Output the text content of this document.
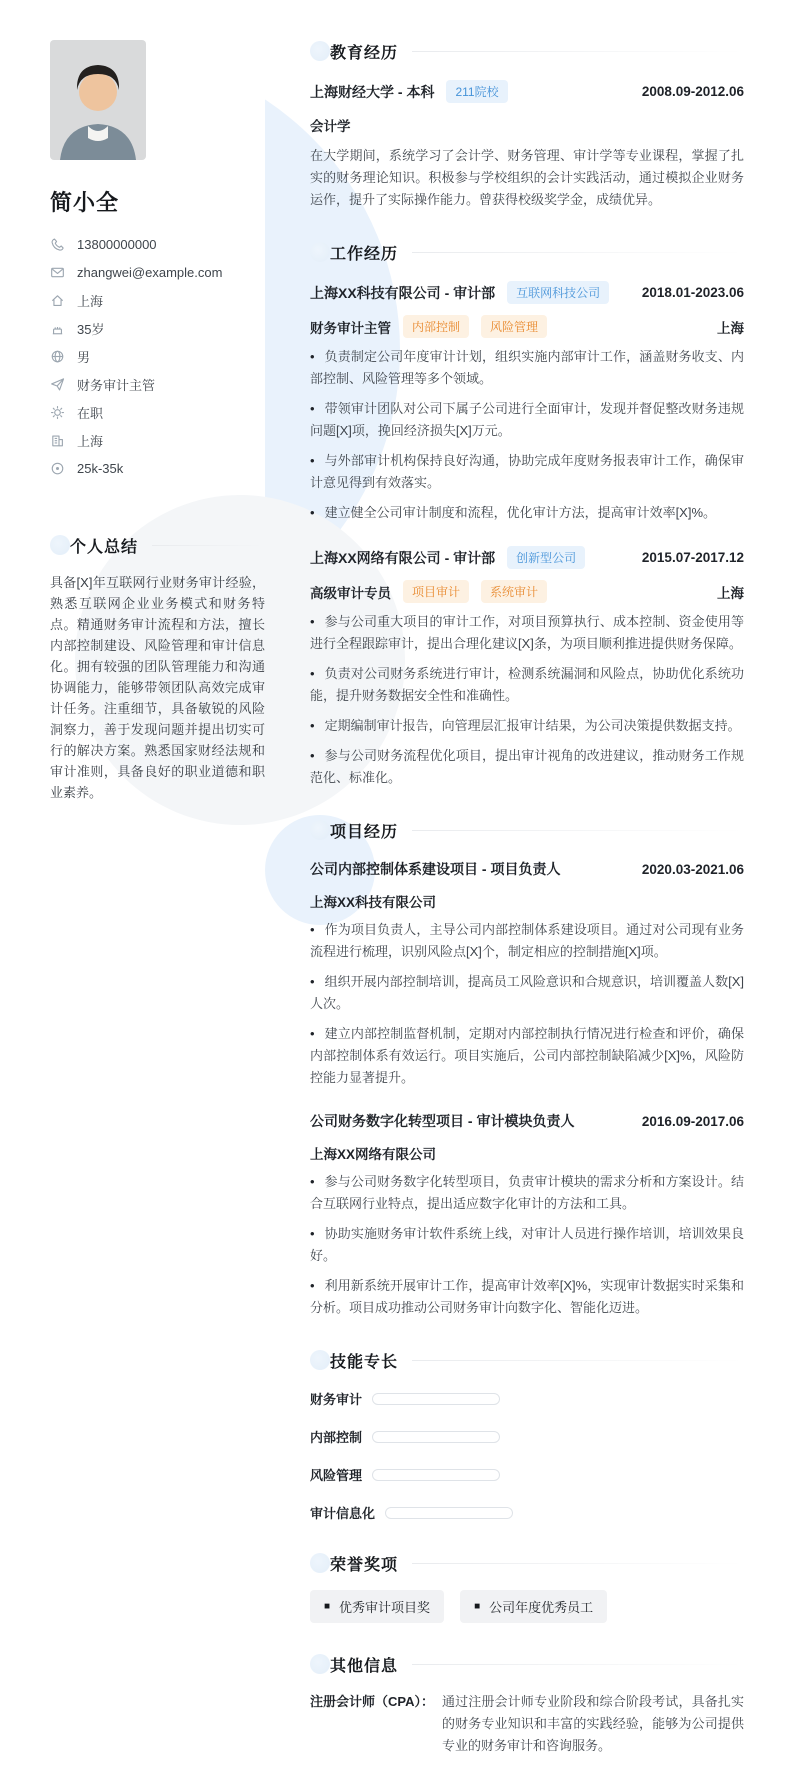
简小全
13800000000
zhangwei@example.com
上海
35岁
男
财务审计主管
在职
上海
25k-35k
个人总结

具备[X]年互联网行业财务审计经验，熟悉互联网企业业务模式和财务特点。精通财务审计流程和方法，擅长内部控制建设、风险管理和审计信息化。拥有较强的团队管理能力和沟通协调能力，能够带领团队高效完成审计任务。注重细节，具备敏锐的风险洞察力，善于发现问题并提出切实可行的解决方案。熟悉国家财经法规和审计准则，具备良好的职业道德和职业素养。

教育经历
上海财经大学 - 本科	211院校	2008.09-2012.06
会计学

在大学期间，系统学习了会计学、财务管理、审计学等专业课程，掌握了扎实的财务理论知识。积极参与学校组织的会计实践活动，通过模拟企业财务运作，提升了实际操作能力。曾获得校级奖学金，成绩优异。

工作经历
上海XX科技有限公司 - 审计部	互联网科技公司	2018.01-2023.06
财务审计主管	内部控制	风险管理	上海

• 负责制定公司年度审计计划，组织实施内部审计工作，涵盖财务收支、内部控制、风险管理等多个领域。

• 带领审计团队对公司下属子公司进行全面审计，发现并督促整改财务违规问题[X]项，挽回经济损失[X]万元。

• 与外部审计机构保持良好沟通，协助完成年度财务报表审计工作，确保审计意见得到有效落实。

• 建立健全公司审计制度和流程，优化审计方法，提高审计效率[X]%。

上海XX网络有限公司 - 审计部	创新型公司	2015.07-2017.12
高级审计专员	项目审计	系统审计	上海

• 参与公司重大项目的审计工作，对项目预算执行、成本控制、资金使用等进行全程跟踪审计，提出合理化建议[X]条，为项目顺利推进提供财务保障。

• 负责对公司财务系统进行审计，检测系统漏洞和风险点，协助优化系统功能，提升财务数据安全性和准确性。

• 定期编制审计报告，向管理层汇报审计结果，为公司决策提供数据支持。

• 参与公司财务流程优化项目，提出审计视角的改进建议，推动财务工作规范化、标准化。

项目经历
公司内部控制体系建设项目 - 项目负责人	2020.03-2021.06
上海XX科技有限公司

• 作为项目负责人，主导公司内部控制体系建设项目。通过对公司现有业务流程进行梳理，识别风险点[X]个，制定相应的控制措施[X]项。

• 组织开展内部控制培训，提高员工风险意识和合规意识，培训覆盖人数[X]人次。

• 建立内部控制监督机制，定期对内部控制执行情况进行检查和评价，确保内部控制体系有效运行。项目实施后，公司内部控制缺陷减少[X]%，风险防控能力显著提升。

公司财务数字化转型项目 - 审计模块负责人	2016.09-2017.06
上海XX网络有限公司

• 参与公司财务数字化转型项目，负责审计模块的需求分析和方案设计。结合互联网行业特点，提出适应数字化审计的方法和工具。

• 协助实施财务审计软件系统上线，对审计人员进行操作培训，培训效果良好。

• 利用新系统开展审计工作，提高审计效率[X]%，实现审计数据实时采集和分析。项目成功推动公司财务审计向数字化、智能化迈进。

技能专长
财务审计
内部控制
风险管理
审计信息化
荣誉奖项
■ 优秀审计项目奖	■ 公司年度优秀员工
其他信息
注册会计师（CPA）： 通过注册会计师专业阶段和综合阶段考试，具备扎实的财务专业知识和丰富的实践经验，能够为公司提供专业的财务审计和咨询服务。
